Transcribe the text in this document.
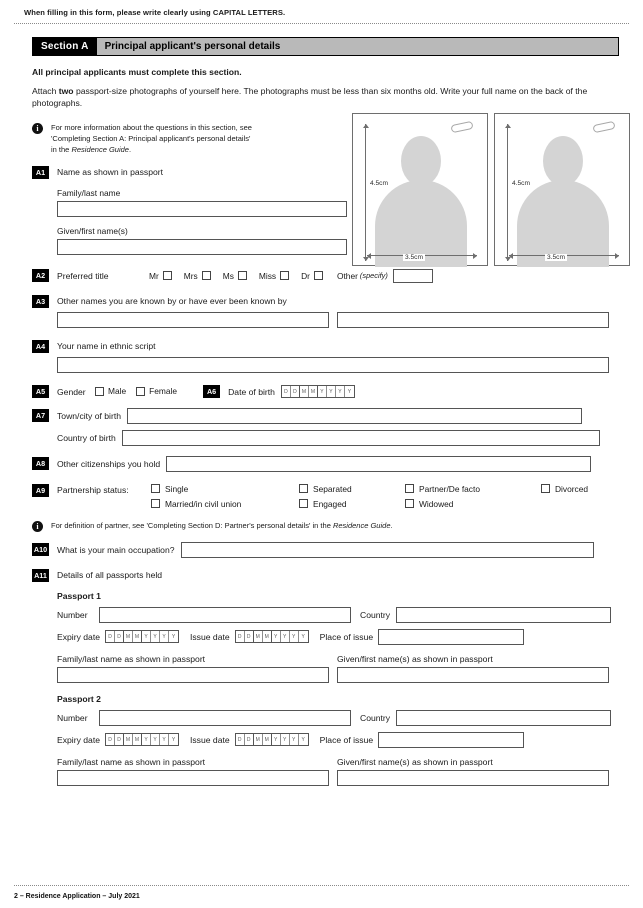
When filling in this form, please write clearly using CAPITAL LETTERS.
Section A	Principal applicant's personal details
All principal applicants must complete this section.
Attach two passport-size photographs of yourself here. The photographs must be less than six months old. Write your full name on the back of the photographs.
i	For more information about the questions in this section, see
'Completing Section A: Principal applicant's personal details'
in the Residence Guide.
A1	Name as shown in passport
Family/last name
Given/first name(s)
A2	Preferred title	Mr	Mrs	Ms	Miss	Dr	Other (specify)
A3	Other names you are known by or have ever been known by
A4	Your name in ethnic script
A5	Gender	Male	Female	A6	Date of birth	D	D	M M	Y	Y	Y	Y
A7	Town/city of birth
Country of birth
A8	Other citizenships you hold
A9	Partnership status:	Single	Separated	Partner/De facto	Divorced
Married/in civil union	Engaged	Widowed
i	For definition of partner, see 'Completing Section D: Partner's personal details' in the Residence Guide.
A10 What is your main occupation?
A11 Details of all passports held
Passport 1
Number	Country
Expiry date	D	D	M M	Y	Y	Y	Y	Issue date	D	D	M M	Y	Y	Y	Y	Place of issue
Family/last name as shown in passport	Given/first name(s) as shown in passport
Passport 2
Number	Country
Expiry date	D	D	M M	Y	Y	Y	Y	Issue date	D	D	M M	Y	Y	Y	Y	Place of issue
Family/last name as shown in passport	Given/first name(s) as shown in passport
4.5cm
3.5cm
4.5cm
3.5cm
2 – Residence Application – July 2021
